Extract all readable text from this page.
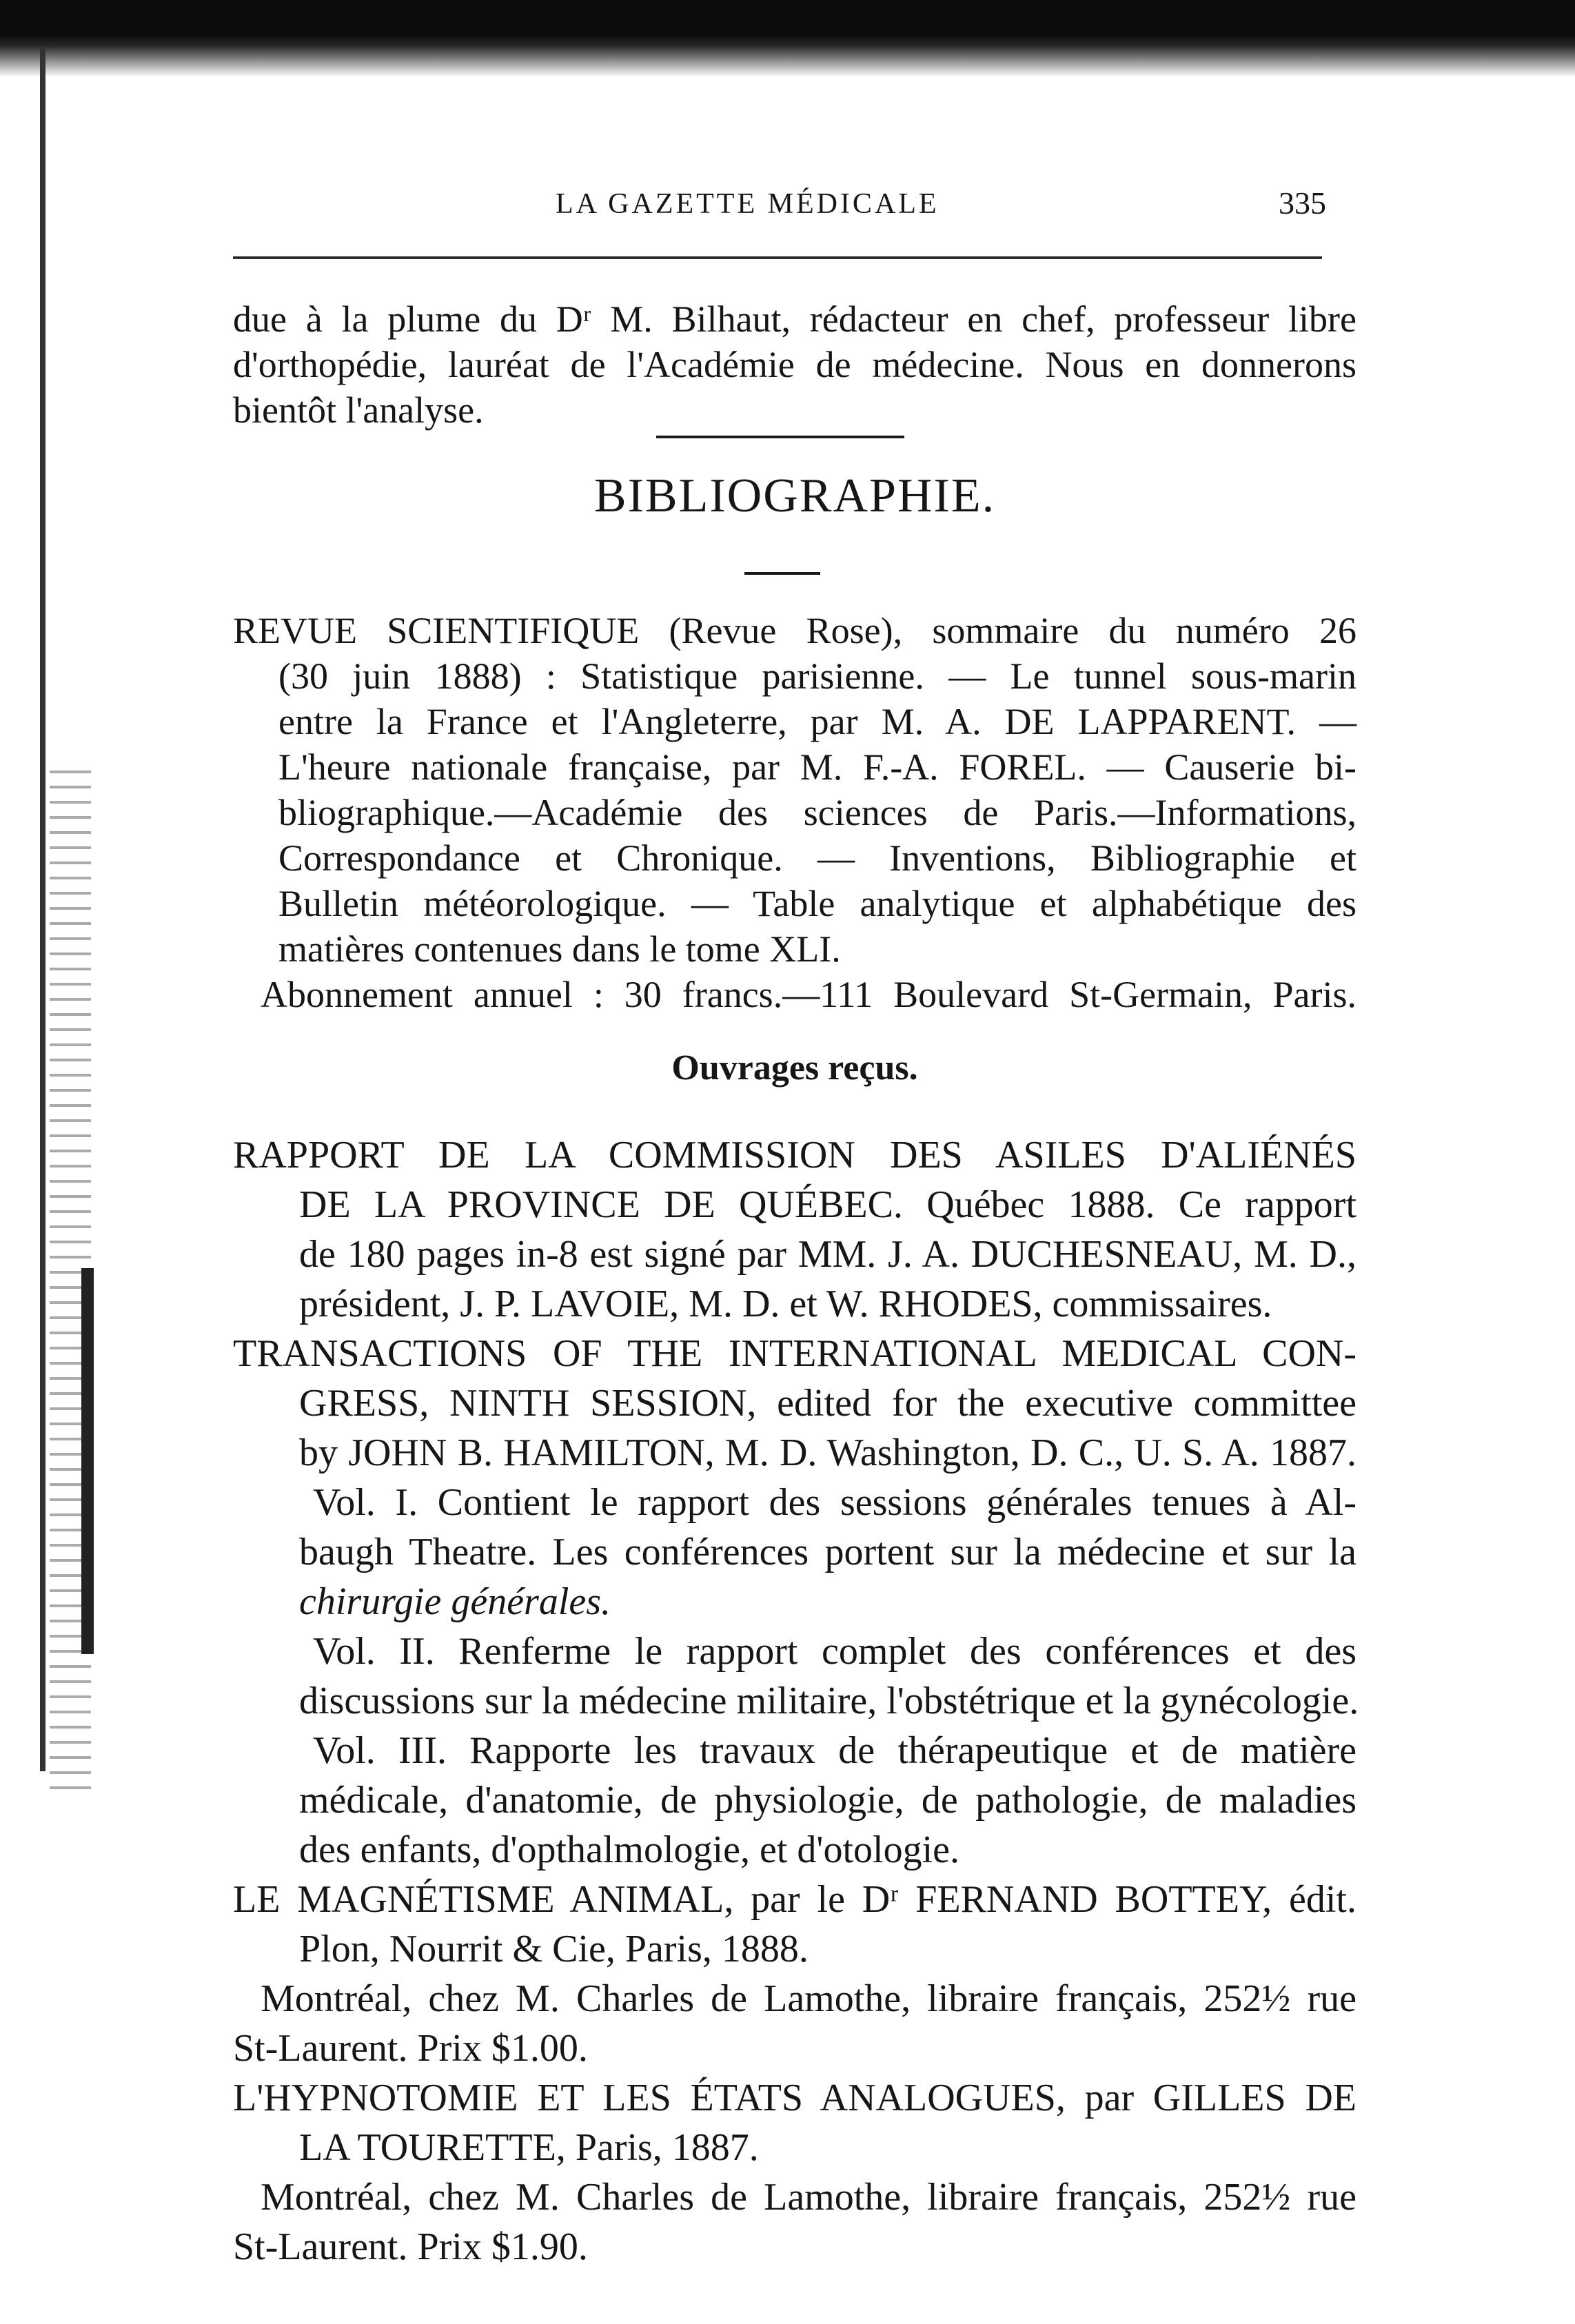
LA GAZETTE MÉDICALE	335
due à la plume du Dʳ M. Bilhaut, rédacteur en chef, professeur libre
d'orthopédie, lauréat de l'Académie de médecine. Nous en donnerons
bientôt l'analyse.
BIBLIOGRAPHIE.
REVUE SCIENTIFIQUE (Revue Rose), sommaire du numéro 26
(30 juin 1888) : Statistique parisienne. — Le tunnel sous-marin
entre la France et l'Angleterre, par M. A. DE LAPPARENT. —
L'heure nationale française, par M. F.-A. FOREL. — Causerie bi-
bliographique.—Académie des sciences de Paris.—Informations,
Correspondance et Chronique. — Inventions, Bibliographie et
Bulletin météorologique. — Table analytique et alphabétique des
matières contenues dans le tome XLI.
Abonnement annuel : 30 francs.—111 Boulevard St-Germain, Paris.
Ouvrages reçus.
RAPPORT DE LA COMMISSION DES ASILES D'ALIÉNÉS
DE LA PROVINCE DE QUÉBEC. Québec 1888. Ce rapport
de 180 pages in-8 est signé par MM. J. A. DUCHESNEAU, M. D.,
président, J. P. LAVOIE, M. D. et W. RHODES, commissaires.
TRANSACTIONS OF THE INTERNATIONAL MEDICAL CON-
GRESS, NINTH SESSION, edited for the executive committee
by JOHN B. HAMILTON, M. D. Washington, D. C., U. S. A. 1887.
Vol. I. Contient le rapport des sessions générales tenues à Al-
baugh Theatre. Les conférences portent sur la médecine et sur la
chirurgie générales.
Vol. II. Renferme le rapport complet des conférences et des
discussions sur la médecine militaire, l'obstétrique et la gynécologie.
Vol. III. Rapporte les travaux de thérapeutique et de matière
médicale, d'anatomie, de physiologie, de pathologie, de maladies
des enfants, d'opthalmologie, et d'otologie.
LE MAGNÉTISME ANIMAL, par le Dʳ FERNAND BOTTEY, édit.
Plon, Nourrit & Cie, Paris, 1888.
Montréal, chez M. Charles de Lamothe, libraire français, 252½ rue
St-Laurent. Prix $1.00.
L'HYPNOTOMIE ET LES ÉTATS ANALOGUES, par GILLES DE
LA TOURETTE, Paris, 1887.
Montréal, chez M. Charles de Lamothe, libraire français, 252½ rue
St-Laurent. Prix $1.90.
